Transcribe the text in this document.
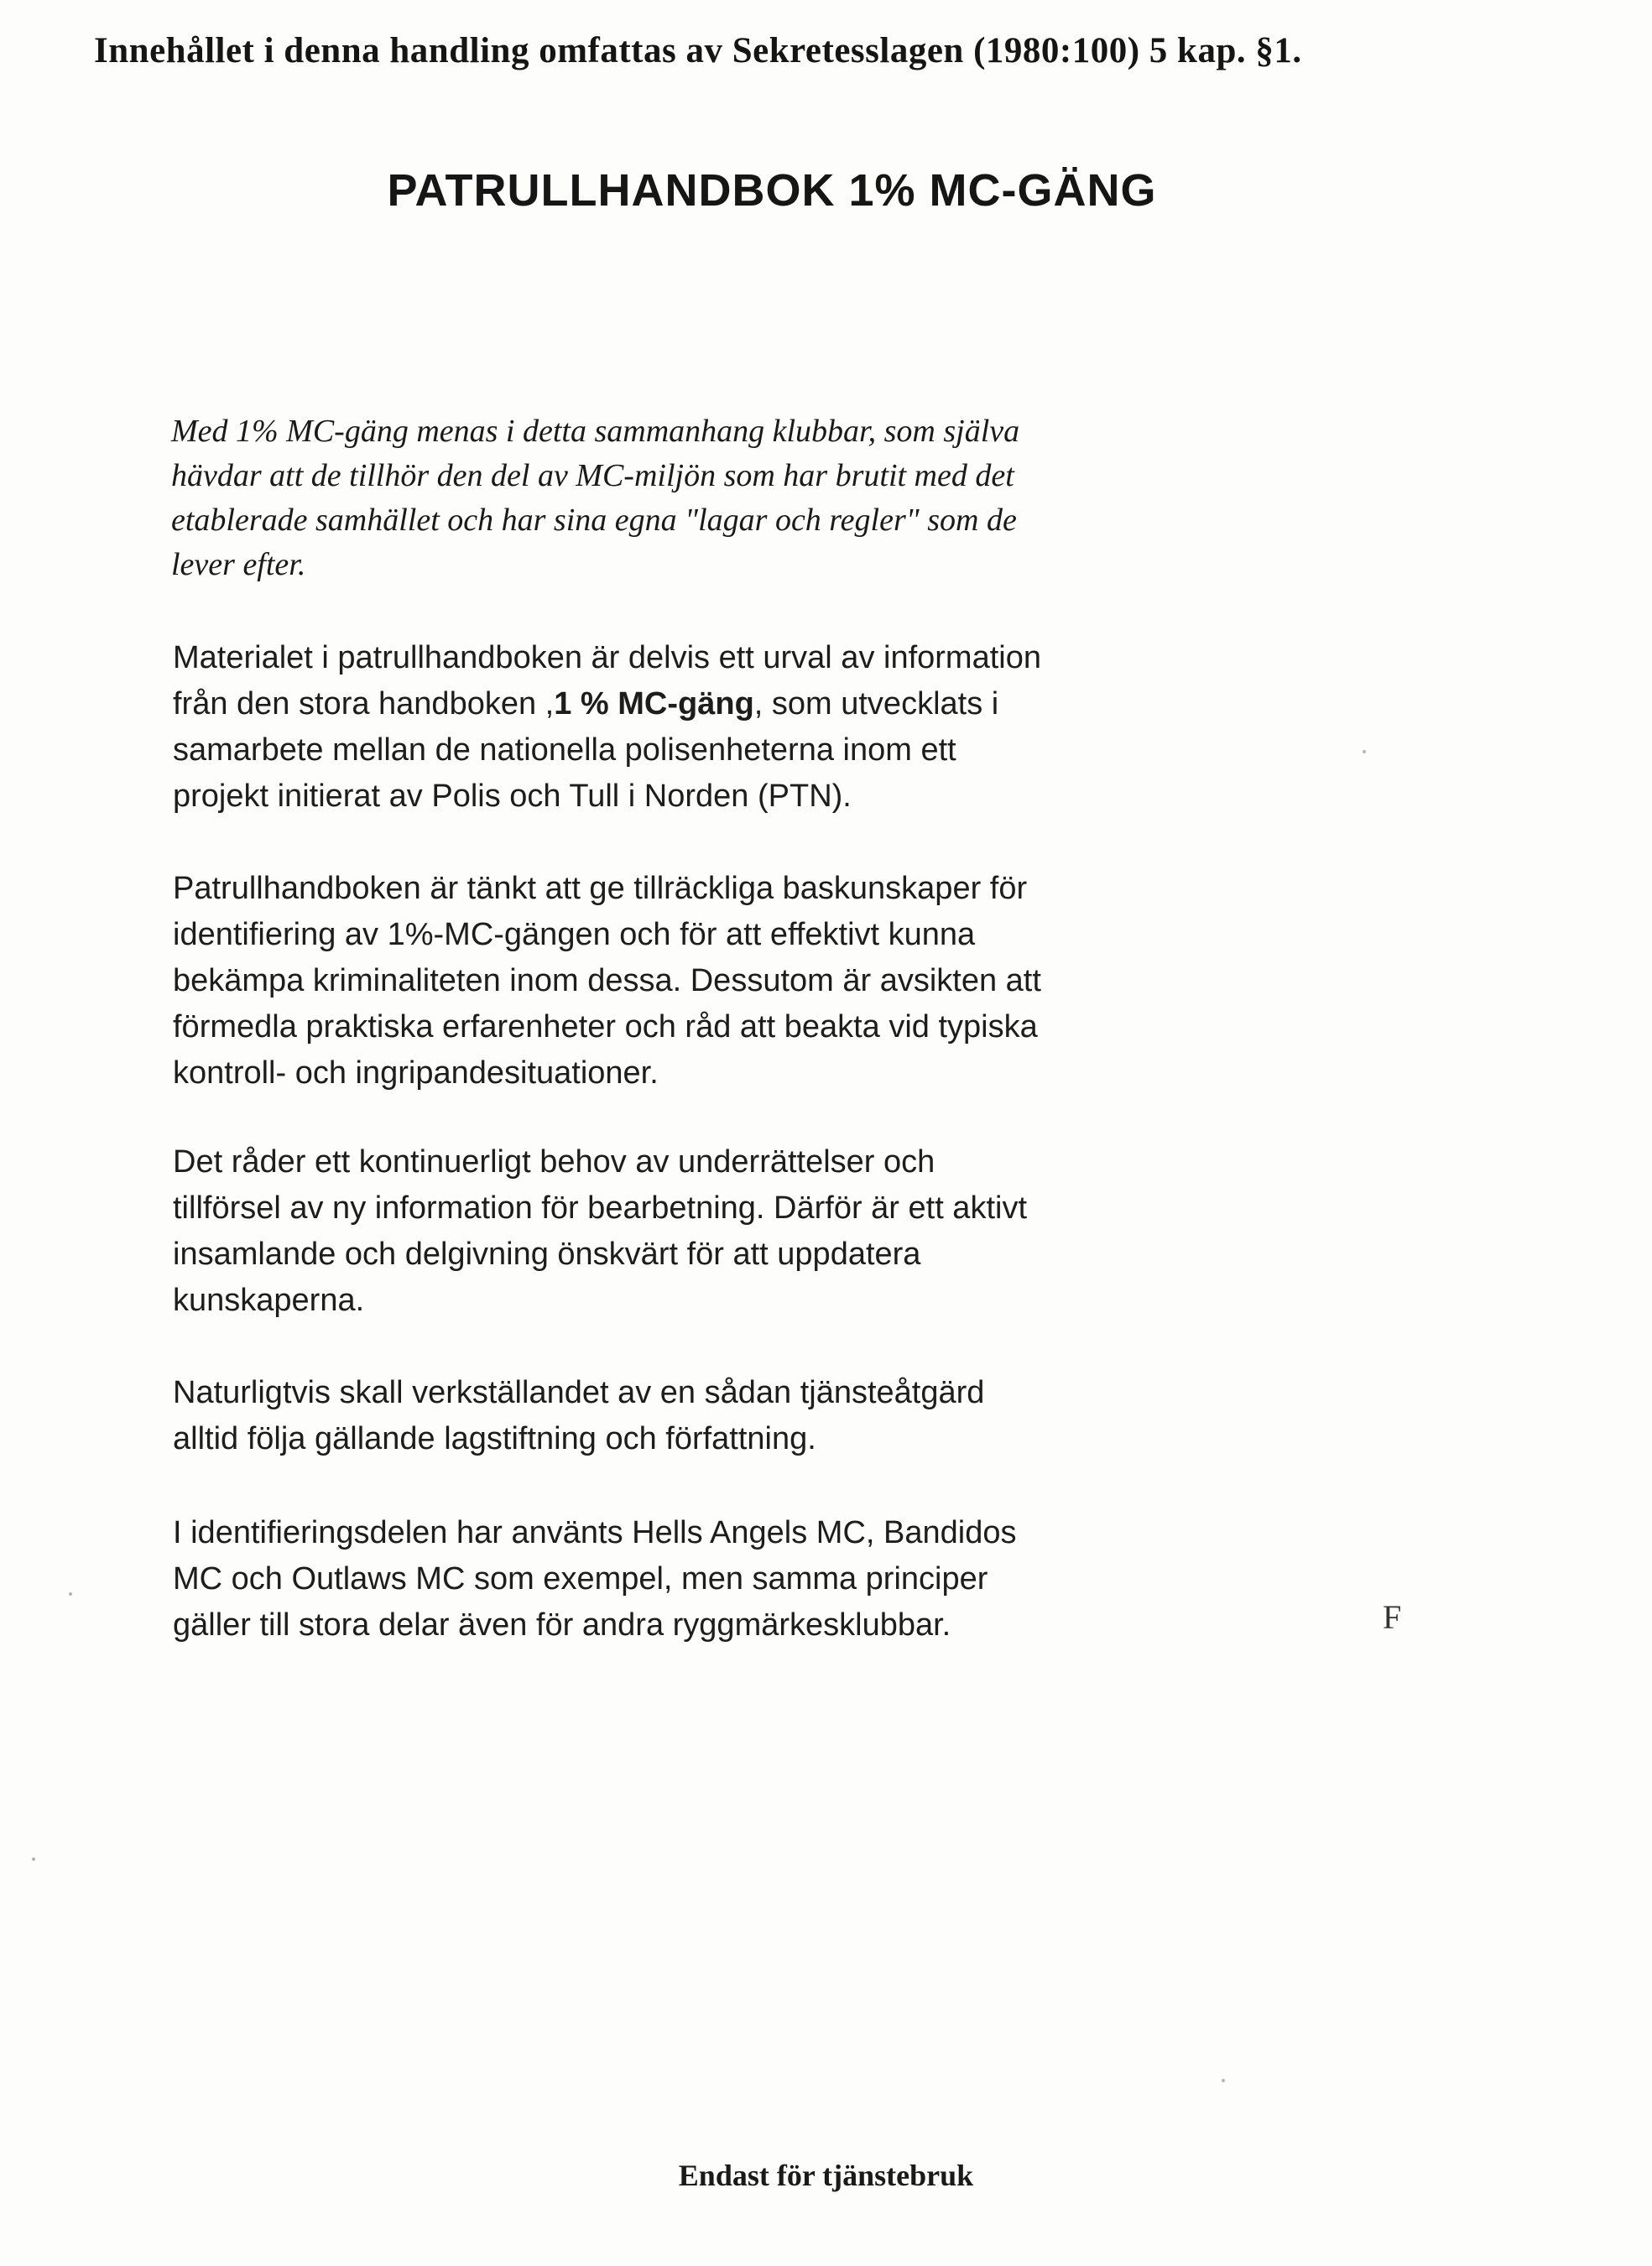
Innehållet i denna handling omfattas av Sekretesslagen (1980:100) 5 kap. §1.
PATRULLHANDBOK 1% MC-GÄNG
Med 1% MC-gäng menas i detta sammanhang klubbar, som själva
hävdar att de tillhör den del av MC-miljön som har brutit med det
etablerade samhället och har sina egna "lagar och regler" som de
lever efter.
Materialet i patrullhandboken är delvis ett urval av information
från den stora handboken ,1 % MC-gäng, som utvecklats i
samarbete mellan de nationella polisenheterna inom ett
projekt initierat av Polis och Tull i Norden (PTN).
Patrullhandboken är tänkt att ge tillräckliga baskunskaper för
identifiering av 1%-MC-gängen och för att effektivt kunna
bekämpa kriminaliteten inom dessa. Dessutom är avsikten att
förmedla praktiska erfarenheter och råd att beakta vid typiska
kontroll- och ingripandesituationer.
Det råder ett kontinuerligt behov av underrättelser och
tillförsel av ny information för bearbetning. Därför är ett aktivt
insamlande och delgivning önskvärt för att uppdatera
kunskaperna.
Naturligtvis skall verkställandet av en sådan tjänsteåtgärd
alltid följa gällande lagstiftning och författning.
I identifieringsdelen har använts Hells Angels MC, Bandidos
MC och Outlaws MC som exempel, men samma principer
gäller till stora delar även för andra ryggmärkesklubbar.	F
Endast för tjänstebruk
